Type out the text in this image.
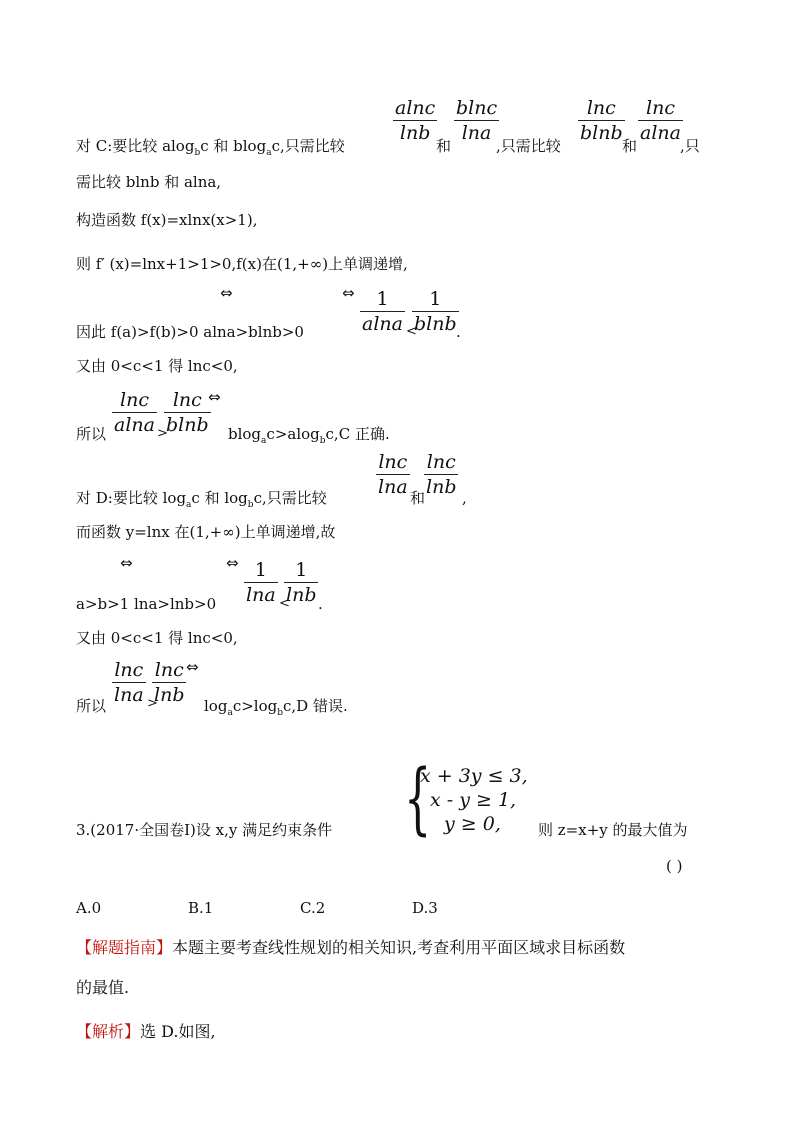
alnc
lnb
blnc
lna
lnc
blnb
lnc
alna
对 C:要比较 alog$_b$c 和 blog$_a$c,只需比较	和	,只需比较	和	,只
需比较 blnb 和 alna,
构造函数 f(x)=xlnx(x>1),
则 f′ (x)=lnx+1>1>0,f(x)在(1,+∞)上单调递增,
⇔	⇔	1
alna <
1
blnb .
因此 f(a)>f(b)>0 alna>blnb>0
又由 0<c<1 得 lnc<0,
lnc
alna >
lnc
blnb
⇔
所以	blog$_a$c>alog$_b$c,C 正确.
lnc
lna 和
lnc
lnb ,
对 D:要比较 $\log_ac$ 和 $\log_bc$,只需比较
而函数 y=lnx 在(1,+∞)上单调递增,故
⇔	⇔ 1
lna <
1
lnb .
a>b>1 lna>lnb>0
又由 0<c<1 得 lnc<0,
lnc
lna >
lnc
lnb
⇔
所以	$\log_ac>\log_bc,D$ 错误.
{
x + 3y ≤ 3,
x - y ≥ 1,
y ≥ 0,
3.(2017·全国卷Ⅰ)设 x,y 满足约束条件	则 z=x+y 的最大值为
( )
A.0	B.1	C.2	D.3
【解题指南】本题主要考查线性规划的相关知识,考查利用平面区域求目标函数
的最值.
【解析】选 D.如图,
